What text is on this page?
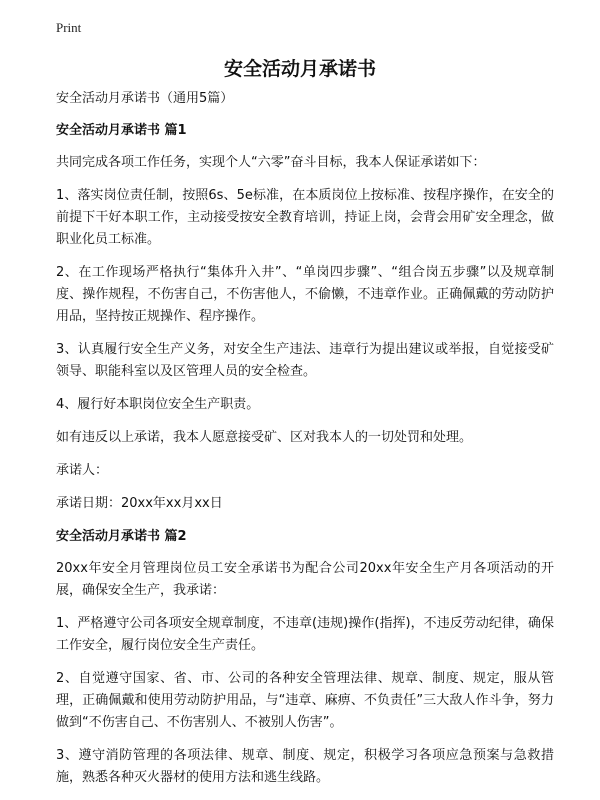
Print
安全活动月承诺书

安全活动月承诺书（通用5篇）

安全活动月承诺书 篇1

共同完成各项工作任务，实现个人“六零”奋斗目标，我本人保证承诺如下：

1、落实岗位责任制，按照6s、5e标准，在本质岗位上按标准、按程序操作，在安全的前提下干好本职工作，主动接受按安全教育培训，持证上岗，会背会用矿安全理念，做职业化员工标准。

2、在工作现场严格执行“集体升入井”、“单岗四步骤”、“组合岗五步骤”以及规章制度、操作规程，不伤害自己，不伤害他人，不偷懒，不违章作业。正确佩戴的劳动防护用品，坚持按正规操作、程序操作。

3、认真履行安全生产义务，对安全生产违法、违章行为提出建议或举报，自觉接受矿领导、职能科室以及区管理人员的安全检查。

4、履行好本职岗位安全生产职责。

如有违反以上承诺，我本人愿意接受矿、区对我本人的一切处罚和处理。

承诺人：

承诺日期：20xx年xx月xx日

安全活动月承诺书 篇2

20xx年安全月管理岗位员工安全承诺书为配合公司20xx年安全生产月各项活动的开展，确保安全生产，我承诺：

1、严格遵守公司各项安全规章制度，不违章(违规)操作(指挥)，不违反劳动纪律，确保工作安全，履行岗位安全生产责任。

2、自觉遵守国家、省、市、公司的各种安全管理法律、规章、制度、规定，服从管理，正确佩戴和使用劳动防护用品，与“违章、麻痹、不负责任”三大敌人作斗争，努力做到“不伤害自己、不伤害别人、不被别人伤害”。

3、遵守消防管理的各项法律、规章、制度、规定，积极学习各项应急预案与急救措施，熟悉各种灭火器材的使用方法和逃生线路。
